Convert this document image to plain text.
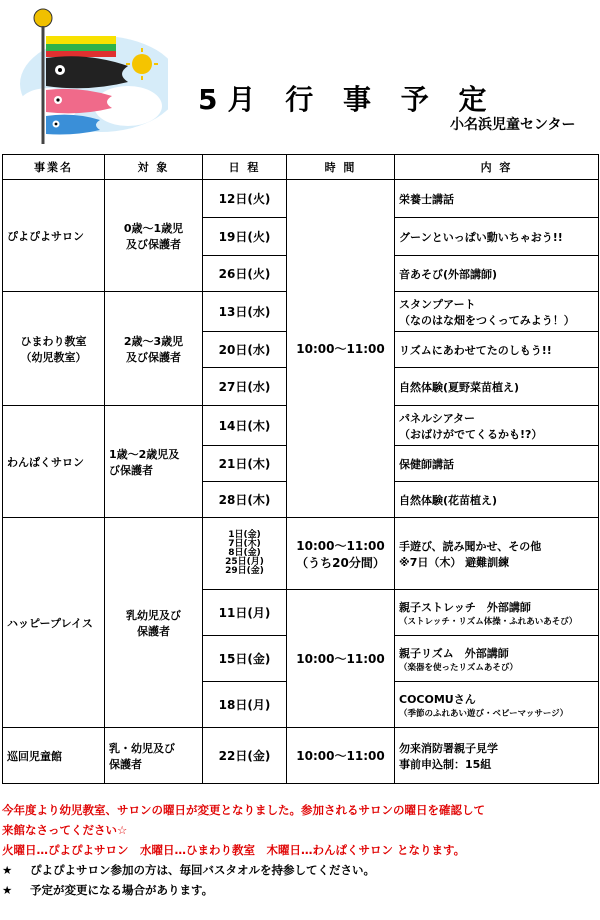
5月 行 事 予 定
小名浜児童センター
事業名	対 象	日 程	時 間	内 容

ぴよぴよサロン	0歳～1歳児
及び保護者	12日(火)	10:00～11:00	栄養士講話

		19日(火)		グーンといっぱい動いちゃおう!!

		26日(火)		音あそび(外部講師)

ひまわり教室
（幼児教室）	2歳～3歳児
及び保護者	13日(水)		スタンプアート
（なのはな畑をつくってみよう！）

		20日(水)		リズムにあわせてたのしもう!!

		27日(水)		自然体験(夏野菜苗植え)

わんぱくサロン	1歳～2歳児及
び保護者	14日(木)		パネルシアター
（おばけがでてくるかも!?）

		21日(木)		保健師講話

		28日(木)		自然体験(花苗植え)

ハッピープレイス	乳幼児及び
保護者	1日(金)
7日(木)
8日(金)
25日(月)
29日(金)	10:00～11:00
（うち20分間）	手遊び、読み聞かせ、その他
※7日（木） 避難訓練

		11日(月)	10:00～11:00	親子ストレッチ　外部講師
（ストレッチ・リズム体操・ふれあいあそび）

		15日(金)		親子リズム　外部講師
（楽器を使ったリズムあそび）

		18日(月)		COCOMUさん
（季節のふれあい遊び・ベビーマッサージ）

巡回児童館	乳・幼児及び
保護者	22日(金)	10:00～11:00	勿来消防署親子見学
事前申込制：15組
今年度より幼児教室、サロンの曜日が変更となりました。参加されるサロンの曜日を確認して
来館なさってください☆
火曜日…ぴよぴよサロン　水曜日…ひまわり教室　木曜日…わんぱくサロン となります。
★	ぴよぴよサロン参加の方は、毎回バスタオルを持参してください。
★	予定が変更になる場合があります。
